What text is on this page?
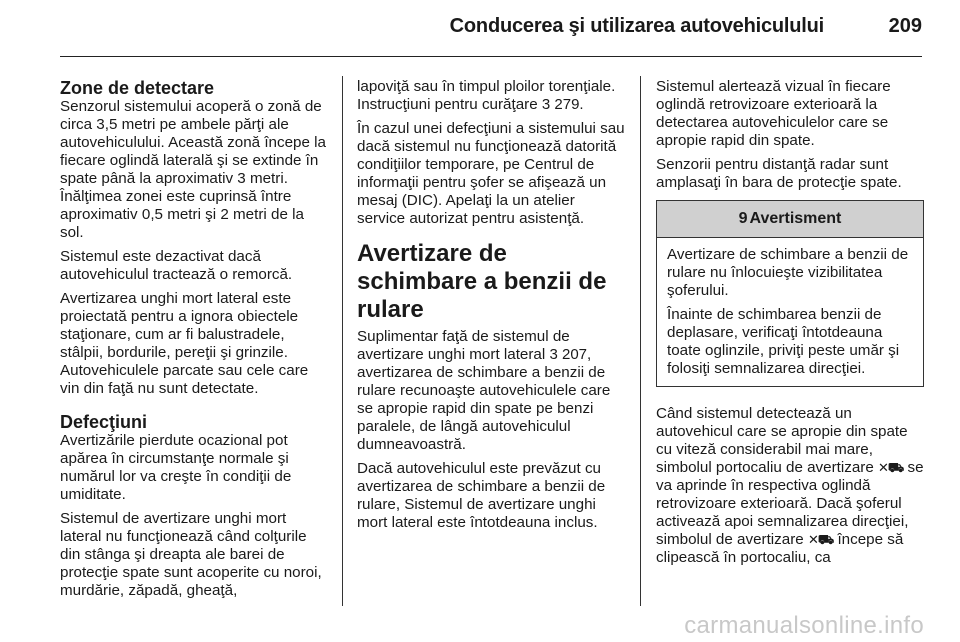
Conducerea şi utilizarea autovehiculului	209
Zone de detectare

Senzorul sistemului acoperă o zonă de circa 3,5 metri pe ambele părţi ale autovehiculului. Această zonă începe la fiecare oglindă laterală şi se extinde în spate până la aproximativ 3 metri. Înălţimea zonei este cuprinsă între aproximativ 0,5 metri şi 2 metri de la sol.

Sistemul este dezactivat dacă autovehiculul tractează o remorcă.

Avertizarea unghi mort lateral este proiectată pentru a ignora obiectele staţionare, cum ar fi balustradele, stâlpii, bordurile, pereţii şi grinzile. Autovehiculele parcate sau cele care vin din faţă nu sunt detectate.

Defecţiuni

Avertizările pierdute ocazional pot apărea în circumstanţe normale şi numărul lor va creşte în condiţii de umiditate.

Sistemul de avertizare unghi mort lateral nu funcţionează când colţurile din stânga şi dreapta ale barei de protecţie spate sunt acoperite cu noroi, murdărie, zăpadă, gheaţă,

lapoviţă sau în timpul ploilor torenţiale. Instrucţiuni pentru curăţare 3 279.

În cazul unei defecţiuni a sistemului sau dacă sistemul nu funcţionează datorită condiţiilor temporare, pe Centrul de informaţii pentru şofer se afişează un mesaj (DIC). Apelaţi la un atelier service autorizat pentru asistenţă.

Avertizare de schimbare a benzii de rulare

Suplimentar faţă de sistemul de avertizare unghi mort lateral 3 207, avertizarea de schimbare a benzii de rulare recunoaşte autovehiculele care se apropie rapid din spate pe benzi paralele, de lângă autovehiculul dumneavoastră.

Dacă autovehiculul este prevăzut cu avertizarea de schimbare a benzii de rulare, Sistemul de avertizare unghi mort lateral este întotdeauna inclus.

Sistemul alertează vizual în fiecare oglindă retrovizoare exterioară la detectarea autovehiculelor care se apropie rapid din spate.

Senzorii pentru distanţă radar sunt amplasaţi în bara de protecţie spate.

9 Avertisment

Avertizare de schimbare a benzii de rulare nu înlocuieşte vizibilitatea şoferului.

Înainte de schimbarea benzii de deplasare, verificaţi întotdeauna toate oglinzile, priviţi peste umăr şi folosiţi semnalizarea direcţiei.

Când sistemul detectează un autovehicul care se apropie din spate cu viteză considerabil mai mare, simbolul portocaliu de avertizare ✕⛟ se va aprinde în respectiva oglindă retrovizoare exterioară. Dacă şoferul activează apoi semnalizarea direcţiei, simbolul de avertizare ✕⛟ începe să clipească în portocaliu, ca

carmanualsonline.info
